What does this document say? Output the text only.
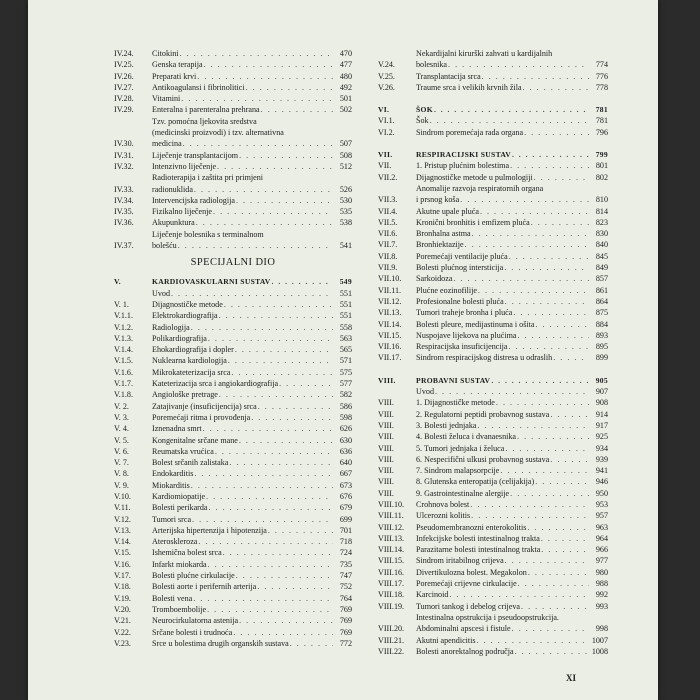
IV.24.	Citokini . . .	470
IV.25.	Genska terapija . . .	477
IV.26.	Preparati krvi . . .	480
IV.27.	Antikoagulansi i fibrinolitici . . .	492
IV.28.	Vitamini . . .	501
IV.29.	Enteralna i parenteralna prehrana . . .	502
IV.30.
Tzv. pomoćna ljekovita sredstva
(medicinski proizvodi) i tzv. alternativna
medicina . . .	507
IV.31.	Liječenje transplantacijom . . .	508
IV.32.	Intenzivno liječenje . . .	512
IV.33.
Radioterapija i zaštita pri primjeni
radionuklida . . .	526
IV.34.	Intervencijska radiologija . . .	530
IV.35.	Fizikalno liječenje . . .	535
IV.36.	Akupunktura . . .	538
IV.37.
Liječenje bolesnika s terminalnom
bolešću . . .	541
SPECIJALNI DIO
V.	KARDIOVASKULARNI SUSTAV . . .	549
Uvod . . .	551
V. 1.	Dijagnostičke metode . . .	551
V.1.1.	Elektrokardiografija . . .	551
V.1.2.	Radiologija . . .	558
V.1.3.	Polikardiografija . . .	563
V.1.4.	Ehokardiografija i dopler . . .	565
V.1.5.	Nuklearna kardiologija . . .	571
V.1.6.	Mikrokateterizacija srca . . .	575
V.1.7.	Kateterizacija srca i angiokardiografija . . .	577
V.1.8.	Angiološke pretrage . . .	582
V. 2.	Zatajivanje (insuficijencija) srca . . .	586
V. 3.	Poremećaji ritma i provođenja . . .	598
V. 4.	Iznenadna smrt . . .	626
V. 5.	Kongenitalne srčane mane . . .	630
V. 6.	Reumatska vrućica . . .	636
V. 7.	Bolest srčanih zalistaka . . .	640
V. 8.	Endokarditis . . .	667
V. 9.	Miokarditis . . .	673
V.10.	Kardiomiopatije . . .	676
V.11.	Bolesti perikarda . . .	679
V.12.	Tumori srca . . .	699
V.13.	Arterijska hipertenzija i hipotenzija . . .	701
V.14.	Ateroskleroza . . .	718
V.15.	Ishemična bolest srca . . .	724
V.16.	Infarkt miokarda . . .	735
V.17.	Bolesti plućne cirkulacije . . .	747
V.18.	Bolesti aorte i perifernih arterija . . .	752
V.19.	Bolesti vena . . .	764
V.20.	Tromboembolije . . .	769
V.21.	Neurocirkulatorna astenija . . .	769
V.22.	Srčane bolesti i trudnoća . . .	769
V.23.	Srce u bolestima drugih organskih sustava . . .	772
V.24.
Nekardijalni kirurški zahvati u kardijalnih
bolesnika . . .	774
V.25.	Transplantacija srca . . .	776
V.26.	Traume srca i velikih krvnih žila . . .	778
VI.	ŠOK . . .	781
VI.1.	Šok . . .	781
VI.2.	Sindrom poremećaja rada organa . . .	796
VII.	RESPIRACIJSKI SUSTAV . . .	799
VII.	1. Pristup plućnim bolestima . . .	801
VII.2.	Dijagnostičke metode u pulmologiji . . .	802
VII.3.
Anomalije razvoja respiratornih organa
i prsnog koša . . .	810
VII.4.	Akutne upale pluća . . .	814
VII.5.	Kronični bronhitis i emfizem pluća . . .	823
VII.6.	Bronhalna astma . . .	830
VII.7.	Bronhiektazije . . .	840
VII.8.	Poremećaji ventilacije pluća . . .	845
VII.9.	Bolesti plućnog intersticija . . .	849
VII.10.	Sarkoidoza . . .	857
VII.11.	Plućne eozinofilije . . .	861
VII.12.	Profesionalne bolesti pluća . . .	864
VII.13.	Tumori traheje bronha i pluća . . .	875
VII.14.	Bolesti pleure, medijastinuma i ošita . . .	884
VII.15.	Nuspojave lijekova na plućima . . .	893
VII.16.	Respiracijska insuficijencija . . .	895
VII.17.	Sindrom respiracijskog distresa u odraslih . . .	899
VIII.	PROBAVNI SUSTAV . . .	905
Uvod . . .	907
VIII.	1. Dijagnostičke metode . . .	908
VIII.	2. Regulatorni peptidi probavnog sustava . . .	914
VIII.	3. Bolesti jednjaka . . .	917
VIII.	4. Bolesti želuca i dvanaesnika . . .	925
VIII.	5. Tumori jednjaka i želuca . . .	934
VIII.	6. Nespecifični ulkusi probavnog sustava . . .	939
VIII.	7. Sindrom malapsorpcije . . .	941
VIII.	8. Glutenska enteropatija (celijakija) . . .	946
VIII.	9. Gastrointestinalne alergije . . .	950
VIII.10.	Crohnova bolest . . .	953
VIII.11.	Ulcerozni kolitis . . .	957
VIII.12.	Pseudomembranozni enterokolitis . . .	963
VIII.13.	Infekcijske bolesti intestinalnog trakta . . .	964
VIII.14.	Parazitarne bolesti intestinalnog trakta . . .	966
VIII.15.	Sindrom iritabilnog crijeva . . .	977
VIII.16.	Divertikulozna bolest. Megakolon . . .	980
VIII.17.	Poremećaji crijevne cirkulacije . . .	988
VIII.18.	Karcinoid . . .	992
VIII.19.	Tumori tankog i debelog crijeva . . .	993
VIII.20.
Intestinalna opstrukcija i pseudoopstrukcija.
Abdominalni apscesi i fistule . . .	998
VIII.21.	Akutni apendicitis . . .	1007
VIII.22.	Bolesti anorektalnog područja . . .	1008
XI
